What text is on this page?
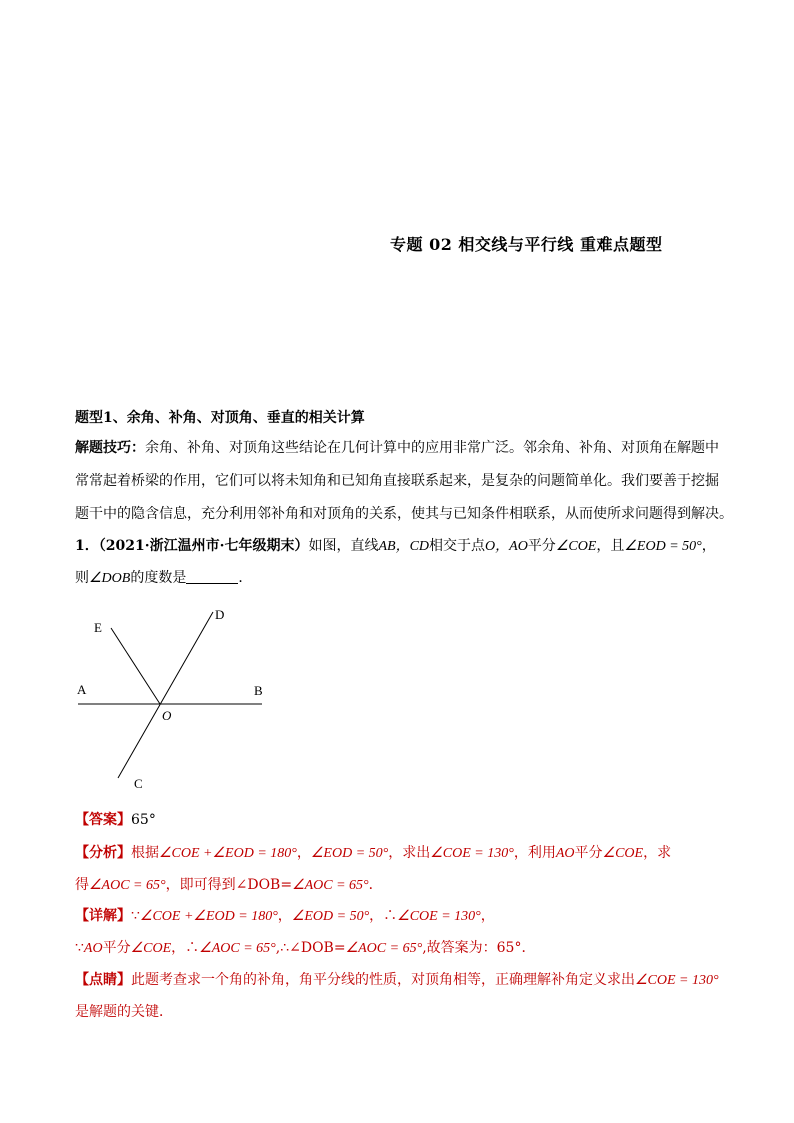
专题 02 相交线与平行线 重难点题型
题型1、余角、补角、对顶角、垂直的相关计算
解题技巧：余角、补角、对顶角这些结论在几何计算中的应用非常广泛。邻余角、补角、对顶角在解题中
常常起着桥梁的作用，它们可以将未知角和已知角直接联系起来，是复杂的问题简单化。我们要善于挖掘
题干中的隐含信息，充分利用邻补角和对顶角的关系，使其与已知条件相联系，从而使所求问题得到解决。
1．（2021·浙江温州市·七年级期末）如图，直线AB，CD相交于点O，AO平分∠COE，且∠EOD = 50°，
则∠DOB的度数是	．
E
D
A	B
O
C
【答案】65°
【分析】根据∠COE +∠EOD = 180°，∠EOD = 50°，求出∠COE = 130°，利用AO平分∠COE，求
得∠AOC = 65°，即可得到∠DOB=∠AOC = 65°．
【详解】∵∠COE +∠EOD = 180°，∠EOD = 50°，∴∠COE = 130°，
∵AO平分∠COE，∴∠AOC = 65°,∴∠DOB=∠AOC = 65°,故答案为：65°．
【点睛】此题考查求一个角的补角，角平分线的性质，对顶角相等，正确理解补角定义求出∠COE = 130°
是解题的关键．
